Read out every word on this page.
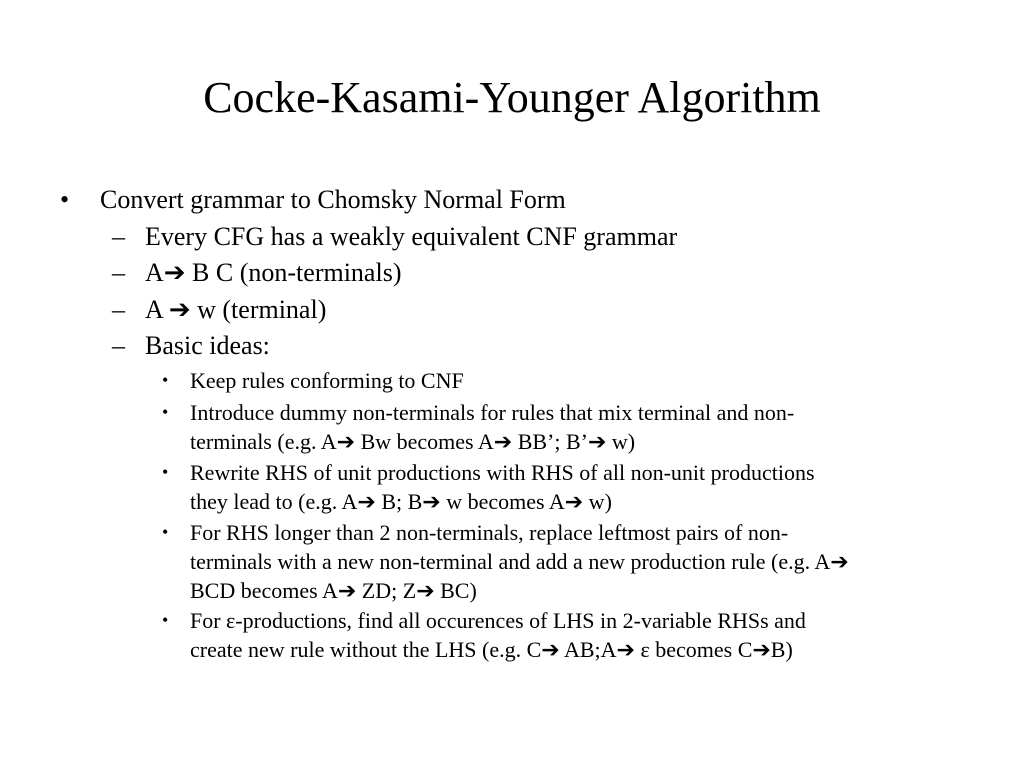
Cocke-Kasami-Younger Algorithm
•	Convert grammar to Chomsky Normal Form
– Every CFG has a weakly equivalent CNF grammar
– A➔ B C (non-terminals)
– A ➔ w (terminal)
– Basic ideas:
• Keep rules conforming to CNF
• Introduce dummy non-terminals for rules that mix terminal and non-
terminals (e.g. A➔ Bw becomes A➔ BB’; B’➔ w)
• Rewrite RHS of unit productions with RHS of all non-unit productions
they lead to (e.g. A➔ B; B➔ w becomes A➔ w)
• For RHS longer than 2 non-terminals, replace leftmost pairs of non-
terminals with a new non-terminal and add a new production rule (e.g. A➔
BCD becomes A➔ ZD; Z➔ BC)
• For ε-productions, find all occurences of LHS in 2-variable RHSs and
create new rule without the LHS (e.g. C➔ AB;A➔ ε becomes C➔B)
